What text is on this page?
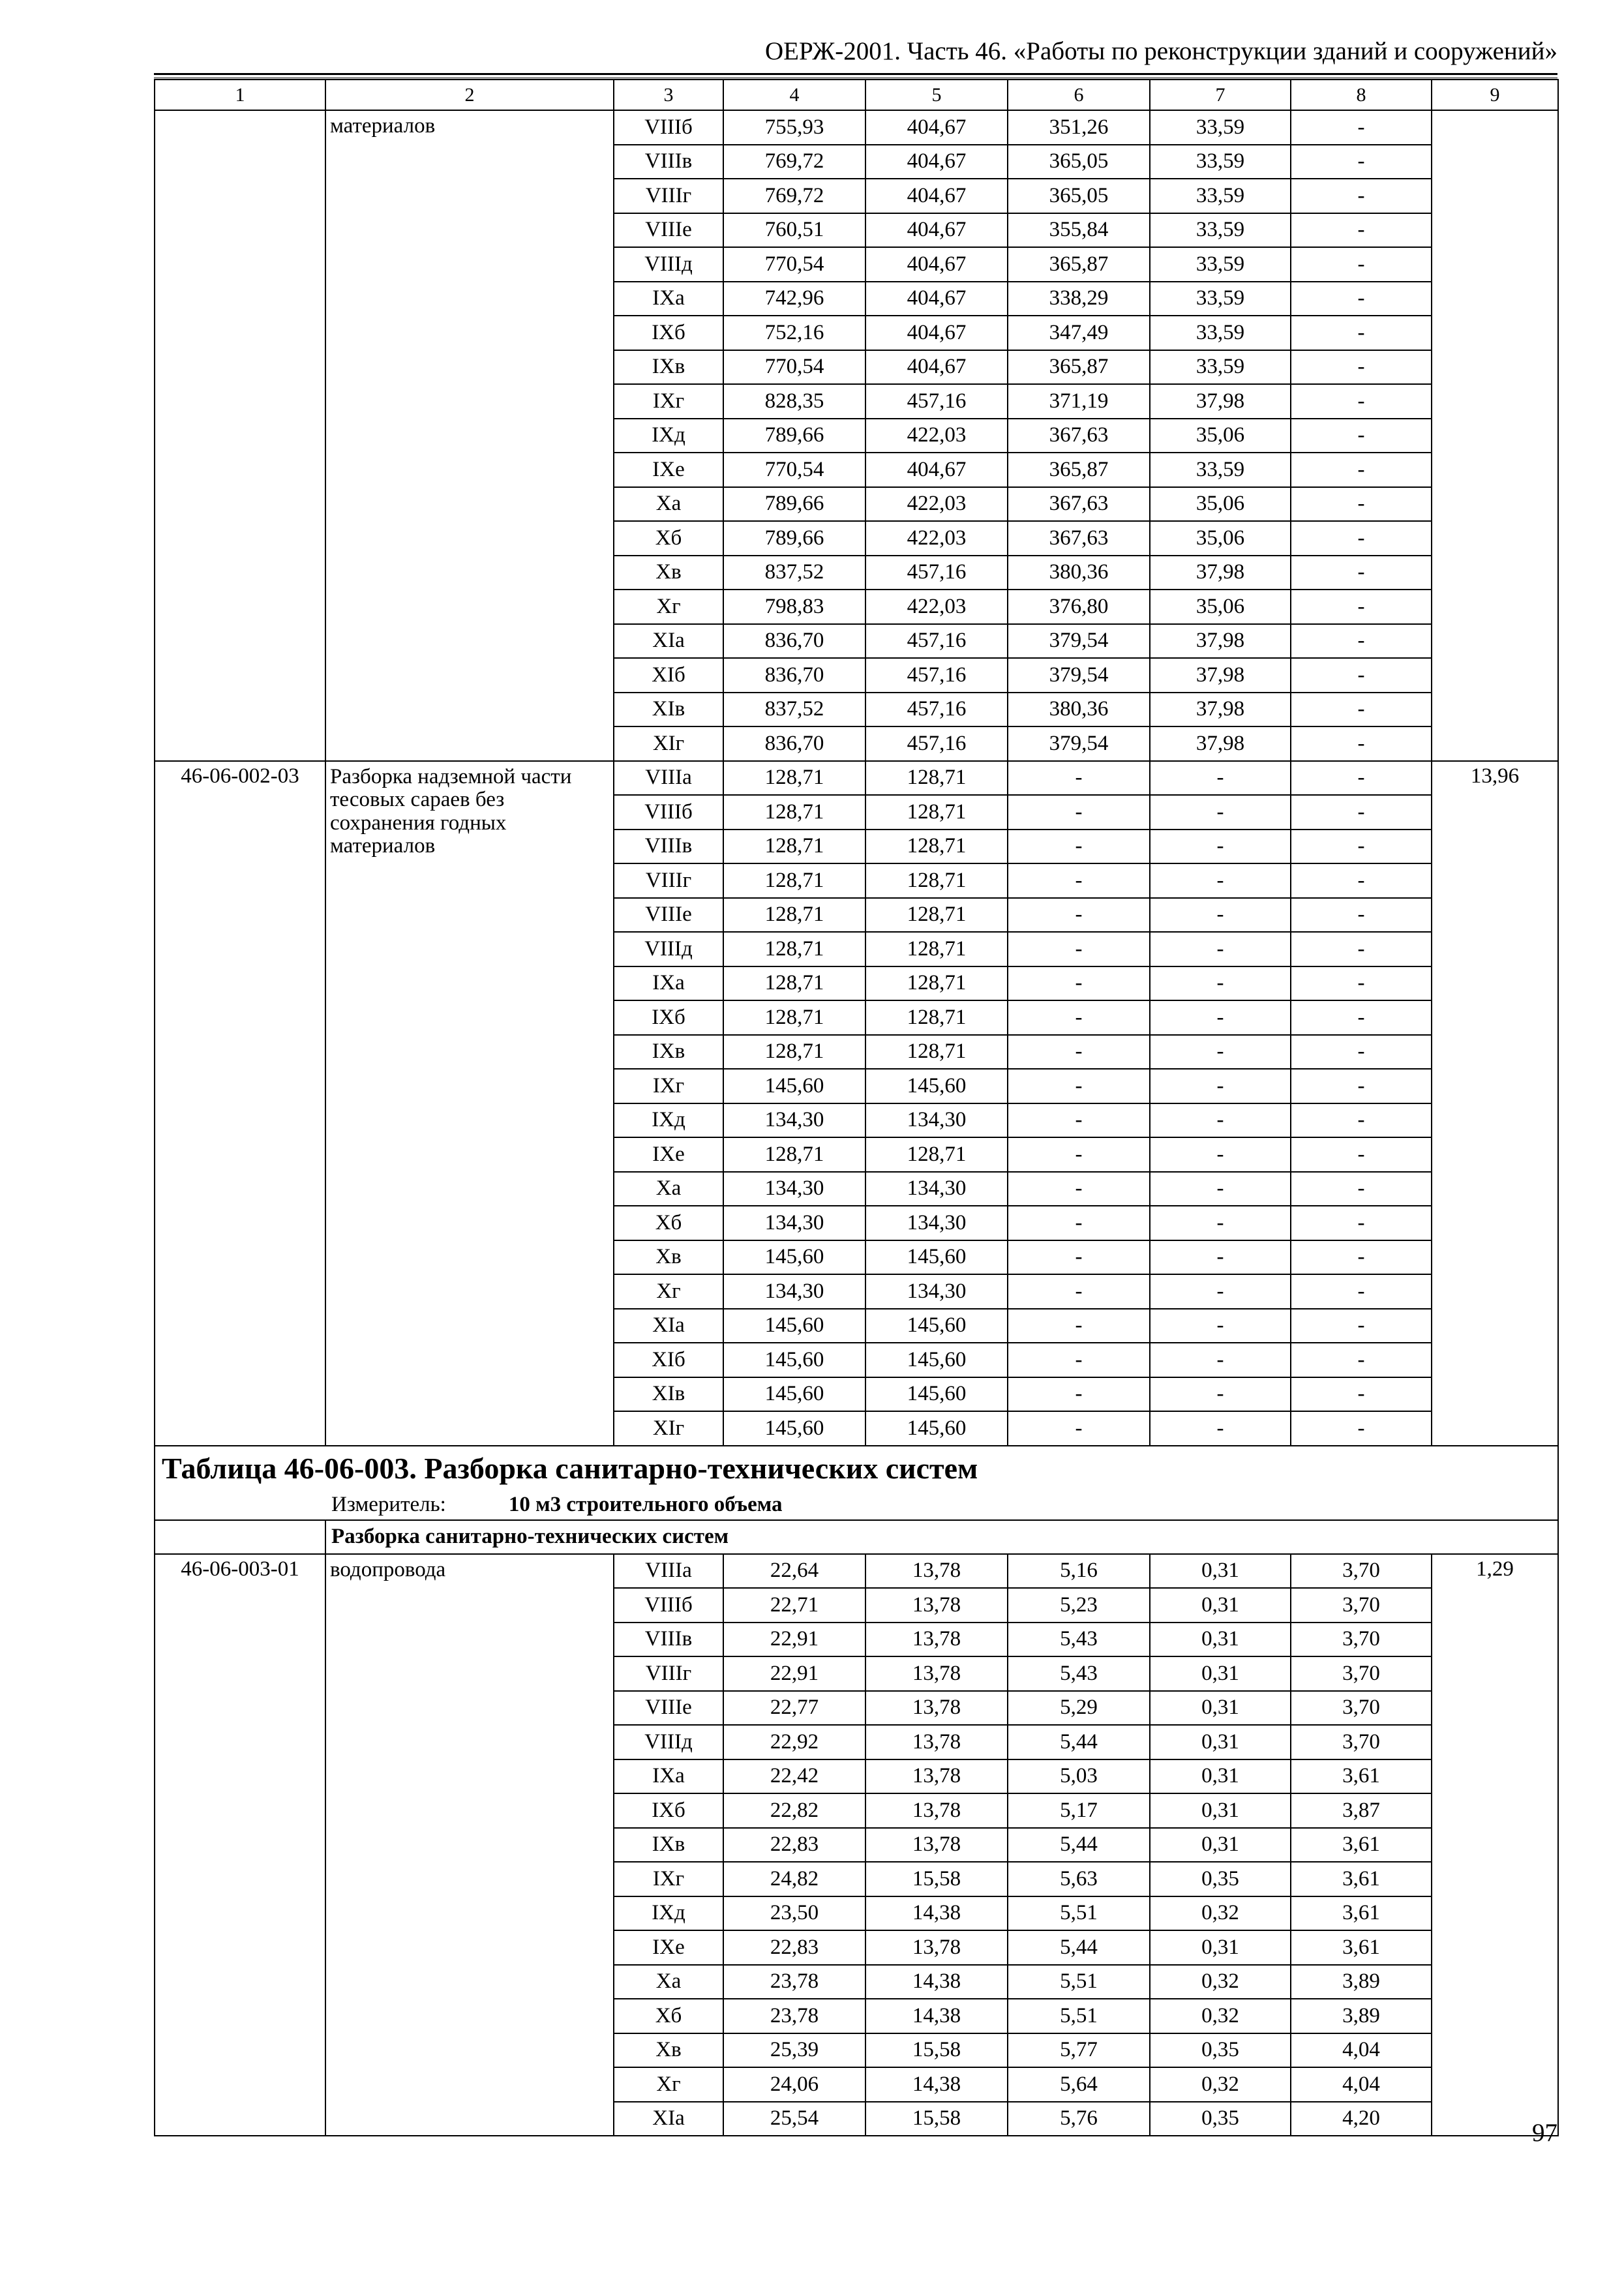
ОЕРЖ-2001. Часть 46. «Работы по реконструкции зданий и сооружений»
1	2	3	4	5	6	7	8	9
	материалов	VIIIб	755,93	404,67	351,26	33,59	-	
		VIIIв	769,72	404,67	365,05	33,59	-	
		VIIIг	769,72	404,67	365,05	33,59	-	
		VIIIе	760,51	404,67	355,84	33,59	-	
		VIIIд	770,54	404,67	365,87	33,59	-	
		IXа	742,96	404,67	338,29	33,59	-	
		IXб	752,16	404,67	347,49	33,59	-	
		IXв	770,54	404,67	365,87	33,59	-	
		IXг	828,35	457,16	371,19	37,98	-	
		IXд	789,66	422,03	367,63	35,06	-	
		IXе	770,54	404,67	365,87	33,59	-	
		Xа	789,66	422,03	367,63	35,06	-	
		Xб	789,66	422,03	367,63	35,06	-	
		Xв	837,52	457,16	380,36	37,98	-	
		Xг	798,83	422,03	376,80	35,06	-	
		XIа	836,70	457,16	379,54	37,98	-	
		XIб	836,70	457,16	379,54	37,98	-	
		XIв	837,52	457,16	380,36	37,98	-	
		XIг	836,70	457,16	379,54	37,98	-	
46-06-002-03	Разборка надземной части тесовых сараев без сохранения годных материалов	VIIIа	128,71	128,71	-	-	-	13,96
		VIIIб	128,71	128,71	-	-	-	
		VIIIв	128,71	128,71	-	-	-	
		VIIIг	128,71	128,71	-	-	-	
		VIIIе	128,71	128,71	-	-	-	
		VIIIд	128,71	128,71	-	-	-	
		IXа	128,71	128,71	-	-	-	
		IXб	128,71	128,71	-	-	-	
		IXв	128,71	128,71	-	-	-	
		IXг	145,60	145,60	-	-	-	
		IXд	134,30	134,30	-	-	-	
		IXе	128,71	128,71	-	-	-	
		Xа	134,30	134,30	-	-	-	
		Xб	134,30	134,30	-	-	-	
		Xв	145,60	145,60	-	-	-	
		Xг	134,30	134,30	-	-	-	
		XIа	145,60	145,60	-	-	-	
		XIб	145,60	145,60	-	-	-	
		XIв	145,60	145,60	-	-	-	
		XIг	145,60	145,60	-	-	-	
Таблица 46-06-003. Разборка санитарно-технических систем								
Измеритель: 10 м3 строительного объема								
	Разборка санитарно-технических систем							
46-06-003-01	водопровода	VIIIа	22,64	13,78	5,16	0,31	3,70	1,29
		VIIIб	22,71	13,78	5,23	0,31	3,70	
		VIIIв	22,91	13,78	5,43	0,31	3,70	
		VIIIг	22,91	13,78	5,43	0,31	3,70	
		VIIIе	22,77	13,78	5,29	0,31	3,70	
		VIIIд	22,92	13,78	5,44	0,31	3,70	
		IXа	22,42	13,78	5,03	0,31	3,61	
		IXб	22,82	13,78	5,17	0,31	3,87	
		IXв	22,83	13,78	5,44	0,31	3,61	
		IXг	24,82	15,58	5,63	0,35	3,61	
		IXд	23,50	14,38	5,51	0,32	3,61	
		IXе	22,83	13,78	5,44	0,31	3,61	
		Xа	23,78	14,38	5,51	0,32	3,89	
		Xб	23,78	14,38	5,51	0,32	3,89	
		Xв	25,39	15,58	5,77	0,35	4,04	
		Xг	24,06	14,38	5,64	0,32	4,04	
		XIа	25,54	15,58	5,76	0,35	4,20	
97
